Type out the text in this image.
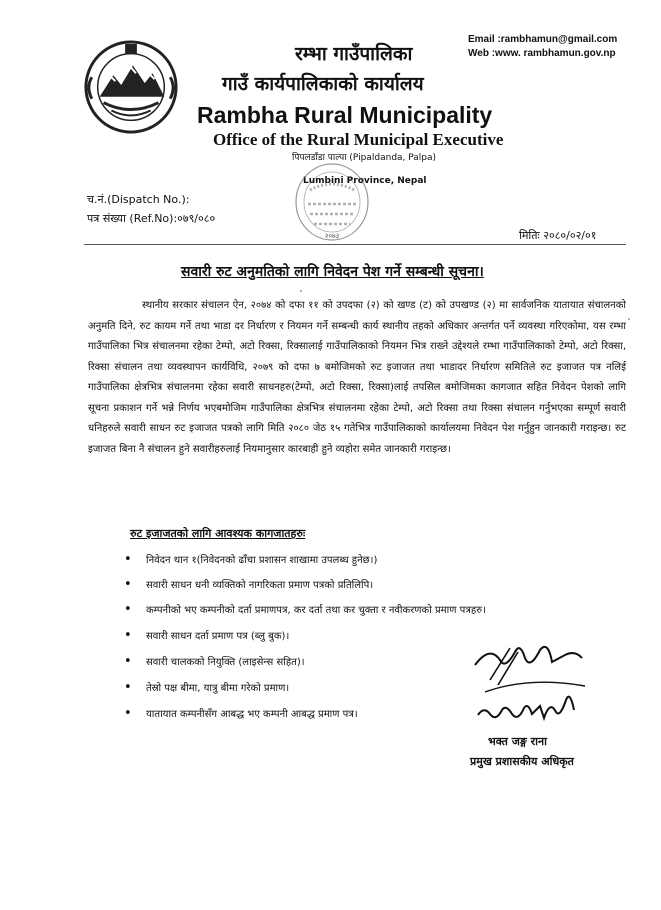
Email :rambhamun@gmail.com
Web :www. rambhamun.gov.np
रम्भा गाउँपालिका
गाउँ कार्यपालिकाको कार्यालय
Rambha Rural Municipality
Office of the Rural Municipal Executive
पिपलडाँडा पाल्पा (Pipaldanda, Palpa)
Lumbini Province, Nepal
२०७३
च.नं.(Dispatch No.):
पत्र संख्या (Ref.No):०७९/०८०
मितिः २०८०/०२/०१
सवारी रुट अनुमतिको लागि निवेदन पेश गर्ने सम्बन्धी सूचना।
स्थानीय सरकार संचालन ऐन, २०७४ को दफा ११ को उपदफा (२) को खण्ड (ट) को उपखण्ड (२) मा सार्वजनिक यातायात संचालनको अनुमति दिने, रुट कायम गर्ने तथा भाडा दर निर्धारण र नियमन गर्ने सम्बन्धी कार्य स्थानीय तहको अधिकार अन्तर्गत पर्ने व्यवस्था गरिएकोमा, यस रम्भा गाउँपालिका भित्र संचालनमा रहेका टेम्पो, अटो रिक्सा, रिक्सालाई गाउँपालिकाको नियमन भित्र राख्ने उद्देश्यले रम्भा गाउँपालिकाको टेम्पो, अटो रिक्सा, रिक्सा संचालन तथा व्यवस्थापन कार्यविधि, २०७९ को दफा ७ बमोजिमको रुट इजाजत तथा भाडादर निर्धारण समितिले रुट इजाजत पत्र नलिई गाउँपालिका क्षेत्रभित्र संचालनमा रहेका सवारी साधनहरु(टेम्पो, अटो रिक्सा, रिक्सा)लाई तपसिल बमोजिमका कागजात सहित निवेदन पेशको लागि सूचना प्रकाशन गर्ने भन्ने निर्णय भएबमोजिम गाउँपालिका क्षेत्रभित्र संचालनमा रहेका टेम्पो, अटो रिक्सा तथा रिक्सा संचालन गर्नुभएका सम्पूर्ण सवारी धनिहरुले सवारी साधन रुट इजाजत पत्रको लागि मिति २०८० जेठ १५ गतेभित्र गाउँपालिकाको कार्यालयमा निवेदन पेश गर्नुहुन जानकारी गराइन्छ। रुट इजाजत बिना नै संचालन हुने सवारीहरुलाई नियमानुसार कारबाही हुने व्यहोरा समेत जानकारी गराइन्छ।
रुट इजाजतको लागि आवश्यक कागजातहरुः
• निवेदन थान १(निवेदनको ढाँचा प्रशासन शाखामा उपलब्ध हुनेछ।)
• सवारी साधन धनी व्यक्तिको नागरिकता प्रमाण पत्रको प्रतिलिपि।
• कम्पनीको भए कम्पनीको दर्ता प्रमाणपत्र, कर दर्ता तथा कर चुक्ता र नवीकरणको प्रमाण पत्रहरु।
• सवारी साधन दर्ता प्रमाण पत्र (ब्लु बुक)।
• सवारी चालकको नियुक्ति (लाइसेन्स सहित)।
• तेस्रो पक्ष बीमा, यात्रु बीमा गरेको प्रमाण।
• यातायात कम्पनीसँग आबद्ध भए कम्पनी आबद्ध प्रमाण पत्र।
भक्त जङ्ग राना
प्रमुख प्रशासकीय अधिकृत
